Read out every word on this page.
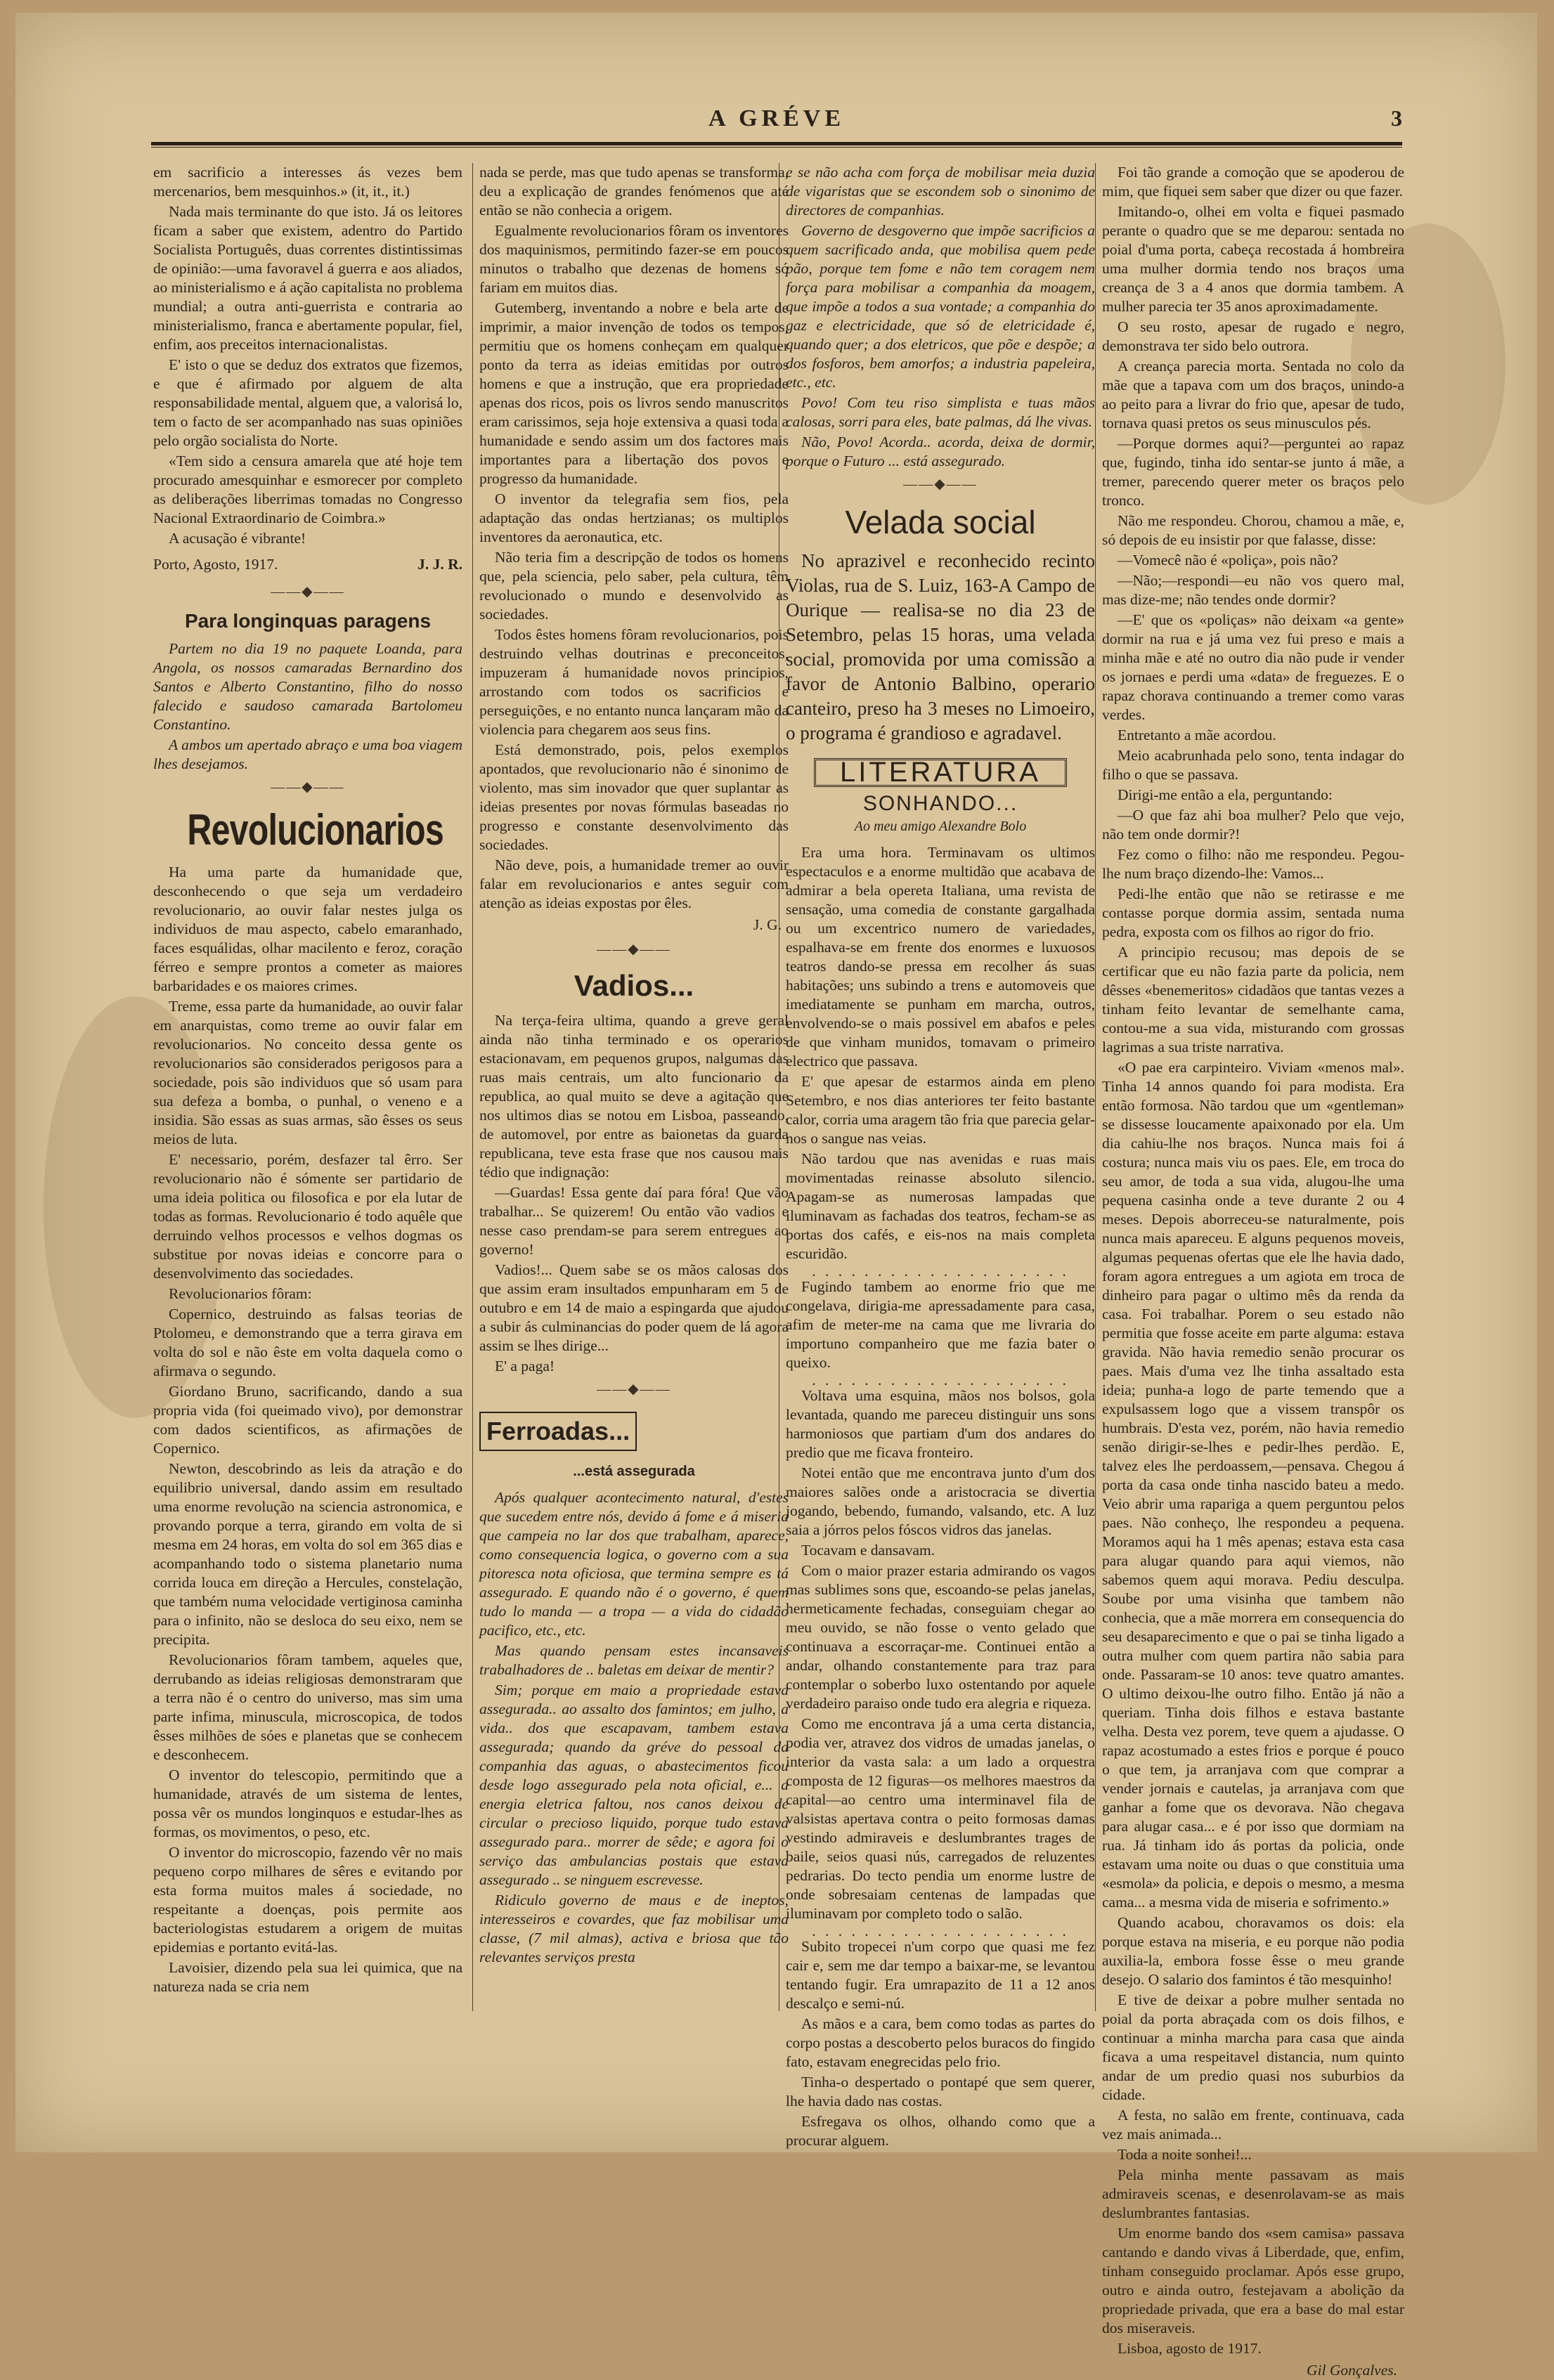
A GRÉVE	3

em sacrificio a interesses ás vezes bem mercenarios, bem mesquinhos.» (it, it., it.)

Nada mais terminante do que isto. Já os leitores ficam a saber que existem, adentro do Partido Socialista Português, duas correntes distintissimas de opinião:—uma favoravel á guerra e aos aliados, ao ministerialismo e á ação capitalista no problema mundial; a outra anti-guerrista e contraria ao ministerialismo, franca e abertamente popular, fiel, enfim, aos preceitos internacionalistas.

E' isto o que se deduz dos extratos que fizemos, e que é afirmado por alguem de alta responsabilidade mental, alguem que, a valorisá lo, tem o facto de ser acompanhado nas suas opiniões pelo orgão socialista do Norte.

«Tem sido a censura amarela que até hoje tem procurado amesquinhar e esmorecer por completo as deliberações liberrimas tomadas no Congresso Nacional Extraordinario de Coimbra.»

A acusação é vibrante!

Porto, Agosto, 1917.	J. J. R.
——◆——
Para longinquas paragens

Partem no dia 19 no paquete Loanda, para Angola, os nossos camaradas Bernardino dos Santos e Alberto Constantino, filho do nosso falecido e saudoso camarada Bartolomeu Constantino.

A ambos um apertado abraço e uma boa viagem lhes desejamos.

——◆——
Revolucionarios

Ha uma parte da humanidade que, desconhecendo o que seja um verdadeiro revolucionario, ao ouvir falar nestes julga os individuos de mau aspecto, cabelo emaranhado, faces esquálidas, olhar macilento e feroz, coração férreo e sempre prontos a cometer as maiores barbaridades e os maiores crimes.

Treme, essa parte da humanidade, ao ouvir falar em anarquistas, como treme ao ouvir falar em revolucionarios. No conceito dessa gente os revolucionarios são considerados perigosos para a sociedade, pois são individuos que só usam para sua defeza a bomba, o punhal, o veneno e a insidia. São essas as suas armas, são êsses os seus meios de luta.

E' necessario, porém, desfazer tal êrro. Ser revolucionario não é sómente ser partidario de uma ideia politica ou filosofica e por ela lutar de todas as formas. Revolucionario é todo aquêle que derruindo velhos processos e velhos dogmas os substitue por novas ideias e concorre para o desenvolvimento das sociedades.

Revolucionarios fôram:

Copernico, destruindo as falsas teorias de Ptolomeu, e demonstrando que a terra girava em volta do sol e não êste em volta daquela como o afirmava o segundo.

Giordano Bruno, sacrificando, dando a sua propria vida (foi queimado vivo), por demonstrar com dados scientificos, as afirmações de Copernico.

Newton, descobrindo as leis da atração e do equilibrio universal, dando assim em resultado uma enorme revolução na sciencia astronomica, e provando porque a terra, girando em volta de si mesma em 24 horas, em volta do sol em 365 dias e acompanhando todo o sistema planetario numa corrida louca em direção a Hercules, constelação, que também numa velocidade vertiginosa caminha para o infinito, não se desloca do seu eixo, nem se precipita.

Revolucionarios fôram tambem, aqueles que, derrubando as ideias religiosas demonstraram que a terra não é o centro do universo, mas sim uma parte infima, minuscula, microscopica, de todos êsses milhões de sóes e planetas que se conhecem e desconhecem.

O inventor do telescopio, permitindo que a humanidade, através de um sistema de lentes, possa vêr os mundos longinquos e estudar-lhes as formas, os movimentos, o peso, etc.

O inventor do microscopio, fazendo vêr no mais pequeno corpo milhares de sêres e evitando por esta forma muitos males á sociedade, no respeitante a doenças, pois permite aos bacteriologistas estudarem a origem de muitas epidemias e portanto evitá-las.

Lavoisier, dizendo pela sua lei quimica, que na natureza nada se cria nem

nada se perde, mas que tudo apenas se transforma, deu a explicação de grandes fenómenos que até então se não conhecia a origem.

Egualmente revolucionarios fôram os inventores dos maquinismos, permitindo fazer-se em poucos minutos o trabalho que dezenas de homens só fariam em muitos dias.

Gutemberg, inventando a nobre e bela arte de imprimir, a maior invenção de todos os tempos, permitiu que os homens conheçam em qualquer ponto da terra as ideias emitidas por outros homens e que a instrução, que era propriedade apenas dos ricos, pois os livros sendo manuscritos eram carissimos, seja hoje extensiva a quasi toda a humanidade e sendo assim um dos factores mais importantes para a libertação dos povos e progresso da humanidade.

O inventor da telegrafia sem fios, pela adaptação das ondas hertzianas; os multiplos inventores da aeronautica, etc.

Não teria fim a descripção de todos os homens que, pela sciencia, pelo saber, pela cultura, têm revolucionado o mundo e desenvolvido as sociedades.

Todos êstes homens fôram revolucionarios, pois destruindo velhas doutrinas e preconceitos, impuzeram á humanidade novos principios, arrostando com todos os sacrificios e perseguições, e no entanto nunca lançaram mão da violencia para chegarem aos seus fins.

Está demonstrado, pois, pelos exemplos apontados, que revolucionario não é sinonimo de violento, mas sim inovador que quer suplantar as ideias presentes por novas fórmulas baseadas no progresso e constante desenvolvimento das sociedades.

Não deve, pois, a humanidade tremer ao ouvir falar em revolucionarios e antes seguir com atenção as ideias expostas por êles.

J. G.
——◆——
Vadios...

Na terça-feira ultima, quando a greve geral ainda não tinha terminado e os operarios estacionavam, em pequenos grupos, nalgumas das ruas mais centrais, um alto funcionario da republica, ao qual muito se deve a agitação que nos ultimos dias se notou em Lisboa, passeando, de automovel, por entre as baionetas da guarda republicana, teve esta frase que nos causou mais tédio que indignação:

—Guardas! Essa gente daí para fóra! Que vão trabalhar... Se quizerem! Ou então vão vadios e nesse caso prendam-se para serem entregues ao governo!

Vadios!... Quem sabe se os mãos calosas dos que assim eram insultados empunharam em 5 de outubro e em 14 de maio a espingarda que ajudou a subir ás culminancias do poder quem de lá agora assim se lhes dirige...

E' a paga!

——◆——
Ferroadas...
...está assegurada

Após qualquer acontecimento natural, d'estes que sucedem entre nós, devido á fome e á miseria que campeia no lar dos que trabalham, aparece, como consequencia logica, o governo com a sua pitoresca nota oficiosa, que termina sempre es tá assegurado. E quando não é o governo, é quem tudo lo manda — a tropa — a vida do cidadão pacifico, etc., etc.

Mas quando pensam estes incansaveis trabalhadores de .. baletas em deixar de mentir?

Sim; porque em maio a propriedade estava assegurada.. ao assalto dos famintos; em julho, a vida.. dos que escapavam, tambem estava assegurada; quando da gréve do pessoal da companhia das aguas, o abastecimentos ficou desde logo assegurado pela nota oficial, e... a energia eletrica faltou, nos canos deixou de circular o precioso liquido, porque tudo estava assegurado para.. morrer de sêde; e agora foi o serviço das ambulancias postais que estava assegurado .. se ninguem escrevesse.

Ridiculo governo de maus e de ineptos, interesseiros e covardes, que faz mobilisar uma classe, (7 mil almas), activa e briosa que tão relevantes serviços presta

e se não acha com força de mobilisar meia duzia de vigaristas que se escondem sob o sinonimo de directores de companhias.

Governo de desgoverno que impõe sacrificios a quem sacrificado anda, que mobilisa quem pede pão, porque tem fome e não tem coragem nem força para mobilisar a companhia da moagem, que impõe a todos a sua vontade; a companhia do gaz e electricidade, que só de eletricidade é, quando quer; a dos eletricos, que põe e despõe; a dos fosforos, bem amorfos; a industria papeleira, etc., etc.

Povo! Com teu riso simplista e tuas mãos calosas, sorri para eles, bate palmas, dá lhe vivas.

Não, Povo! Acorda.. acorda, deixa de dormir, porque o Futuro ... está assegurado.

——◆——
Velada social

No aprazivel e reconhecido recinto Violas, rua de S. Luiz, 163-A Campo de Ourique — realisa-se no dia 23 de Setembro, pelas 15 horas, uma velada social, promovida por uma comissão a favor de Antonio Balbino, operario canteiro, preso ha 3 meses no Limoeiro, o programa é grandioso e agradavel.

LITERATURA
SONHANDO...
Ao meu amigo Alexandre Bolo

Era uma hora. Terminavam os ultimos espectaculos e a enorme multidão que acabava de admirar a bela opereta Italiana, uma revista de sensação, uma comedia de constante gargalhada ou um excentrico numero de variedades, espalhava-se em frente dos enormes e luxuosos teatros dando-se pressa em recolher ás suas habitações; uns subindo a trens e automoveis que imediatamente se punham em marcha, outros, envolvendo-se o mais possivel em abafos e peles de que vinham munidos, tomavam o primeiro electrico que passava.

E' que apesar de estarmos ainda em pleno Setembro, e nos dias anteriores ter feito bastante calor, corria uma aragem tão fria que parecia gelar-nos o sangue nas veias.

Não tardou que nas avenidas e ruas mais movimentadas reinasse absoluto silencio. Apagam-se as numerosas lampadas que iluminavam as fachadas dos teatros, fecham-se as portas dos cafés, e eis-nos na mais completa escuridão.

. . . . . . . . . . . . . . . . . . . .

Fugindo tambem ao enorme frio que me congelava, dirigia-me apressadamente para casa, afim de meter-me na cama que me livraria do importuno companheiro que me fazia bater o queixo.

. . . . . . . . . . . . . . . . . . . .

Voltava uma esquina, mãos nos bolsos, gola levantada, quando me pareceu distinguir uns sons harmoniosos que partiam d'um dos andares do predio que me ficava fronteiro.

Notei então que me encontrava junto d'um dos maiores salões onde a aristocracia se divertia jogando, bebendo, fumando, valsando, etc. A luz saia a jórros pelos fóscos vidros das janelas.

Tocavam e dansavam.

Com o maior prazer estaria admirando os vagos mas sublimes sons que, escoando-se pelas janelas, hermeticamente fechadas, conseguiam chegar ao meu ouvido, se não fosse o vento gelado que continuava a escorraçar-me. Continuei então a andar, olhando constantemente para traz para contemplar o soberbo luxo ostentando por aquele verdadeiro paraiso onde tudo era alegria e riqueza.

Como me encontrava já a uma certa distancia, podia ver, atravez dos vidros de umadas janelas, o interior da vasta sala: a um lado a orquestra composta de 12 figuras—os melhores maestros da capital—ao centro uma interminavel fila de valsistas apertava contra o peito formosas damas vestindo admiraveis e deslumbrantes trages de baile, seios quasi nús, carregados de reluzentes pedrarias. Do tecto pendia um enorme lustre de onde sobresaiam centenas de lampadas que iluminavam por completo todo o salão.

. . . . . . . . . . . . . . . . . . . .

Subito tropecei n'um corpo que quasi me fez cair e, sem me dar tempo a baixar-me, se levantou tentando fugir. Era umrapazito de 11 a 12 anos descalço e semi-nú.

As mãos e a cara, bem como todas as partes do corpo postas a descoberto pelos buracos do fingido fato, estavam enegrecidas pelo frio.

Tinha-o despertado o pontapé que sem querer, lhe havia dado nas costas.

Esfregava os olhos, olhando como que a procurar alguem.

Foi tão grande a comoção que se apoderou de mim, que fiquei sem saber que dizer ou que fazer.

Imitando-o, olhei em volta e fiquei pasmado perante o quadro que se me deparou: sentada no poial d'uma porta, cabeça recostada á hombreira uma mulher dormia tendo nos braços uma creança de 3 a 4 anos que dormia tambem. A mulher parecia ter 35 anos aproximadamente.

O seu rosto, apesar de rugado e negro, demonstrava ter sido belo outrora.

A creança parecia morta. Sentada no colo da mãe que a tapava com um dos braços, unindo-a ao peito para a livrar do frio que, apesar de tudo, tornava quasi pretos os seus minusculos pés.

—Porque dormes aqui?—perguntei ao rapaz que, fugindo, tinha ido sentar-se junto á mãe, a tremer, parecendo querer meter os braços pelo tronco.

Não me respondeu. Chorou, chamou a mãe, e, só depois de eu insistir por que falasse, disse:

—Vomecê não é «poliça», pois não?

—Não;—respondi—eu não vos quero mal, mas dize-me; não tendes onde dormir?

—E' que os «poliças» não deixam «a gente» dormir na rua e já uma vez fui preso e mais a minha mãe e até no outro dia não pude ir vender os jornaes e perdi uma «data» de freguezes. E o rapaz chorava continuando a tremer como varas verdes.

Entretanto a mãe acordou.

Meio acabrunhada pelo sono, tenta indagar do filho o que se passava.

Dirigi-me então a ela, perguntando:

—O que faz ahi boa mulher? Pelo que vejo, não tem onde dormir?!

Fez como o filho: não me respondeu. Pegou-lhe num braço dizendo-lhe: Vamos...

Pedi-lhe então que não se retirasse e me contasse porque dormia assim, sentada numa pedra, exposta com os filhos ao rigor do frio.

A principio recusou; mas depois de se certificar que eu não fazia parte da policia, nem dêsses «benemeritos» cidadãos que tantas vezes a tinham feito levantar de semelhante cama, contou-me a sua vida, misturando com grossas lagrimas a sua triste narrativa.

«O pae era carpinteiro. Viviam «menos mal». Tinha 14 annos quando foi para modista. Era então formosa. Não tardou que um «gentleman» se dissesse loucamente apaixonado por ela. Um dia cahiu-lhe nos braços. Nunca mais foi á costura; nunca mais viu os paes. Ele, em troca do seu amor, de toda a sua vida, alugou-lhe uma pequena casinha onde a teve durante 2 ou 4 meses. Depois aborreceu-se naturalmente, pois nunca mais apareceu. E alguns pequenos moveis, algumas pequenas ofertas que ele lhe havia dado, foram agora entregues a um agiota em troca de dinheiro para pagar o ultimo mês da renda da casa. Foi trabalhar. Porem o seu estado não permitia que fosse aceite em parte alguma: estava gravida. Não havia remedio senão procurar os paes. Mais d'uma vez lhe tinha assaltado esta ideia; punha-a logo de parte temendo que a expulsassem logo que a vissem transpôr os humbrais. D'esta vez, porém, não havia remedio senão dirigir-se-lhes e pedir-lhes perdão. E, talvez eles lhe perdoassem,—pensava. Chegou á porta da casa onde tinha nascido bateu a medo. Veio abrir uma rapariga a quem perguntou pelos paes. Não conheço, lhe respondeu a pequena. Moramos aqui ha 1 mês apenas; estava esta casa para alugar quando para aqui viemos, não sabemos quem aqui morava. Pediu desculpa. Soube por uma visinha que tambem não conhecia, que a mãe morrera em consequencia do seu desaparecimento e que o pai se tinha ligado a outra mulher com quem partira não sabia para onde. Passaram-se 10 anos: teve quatro amantes. O ultimo deixou-lhe outro filho. Então já não a queriam. Tinha dois filhos e estava bastante velha. Desta vez porem, teve quem a ajudasse. O rapaz acostumado a estes frios e porque é pouco o que tem, ja arranjava com que comprar a vender jornais e cautelas, ja arranjava com que ganhar a fome que os devorava. Não chegava para alugar casa... e é por isso que dormiam na rua. Já tinham ido ás portas da policia, onde estavam uma noite ou duas o que constituia uma «esmola» da policia, e depois o mesmo, a mesma cama... a mesma vida de miseria e sofrimento.»

Quando acabou, choravamos os dois: ela porque estava na miseria, e eu porque não podia auxilia-la, embora fosse êsse o meu grande desejo. O salario dos famintos é tão mesquinho!

E tive de deixar a pobre mulher sentada no poial da porta abraçada com os dois filhos, e continuar a minha marcha para casa que ainda ficava a uma respeitavel distancia, num quinto andar de um predio quasi nos suburbios da cidade.

A festa, no salão em frente, continuava, cada vez mais animada...

Toda a noite sonhei!...

Pela minha mente passavam as mais admiraveis scenas, e desenrolavam-se as mais deslumbrantes fantasias.

Um enorme bando dos «sem camisa» passava cantando e dando vivas á Liberdade, que, enfim, tinham conseguido proclamar. Após esse grupo, outro e ainda outro, festejavam a abolição da propriedade privada, que era a base do mal estar dos miseraveis.

Lisboa, agosto de 1917.

Gil Gonçalves.
